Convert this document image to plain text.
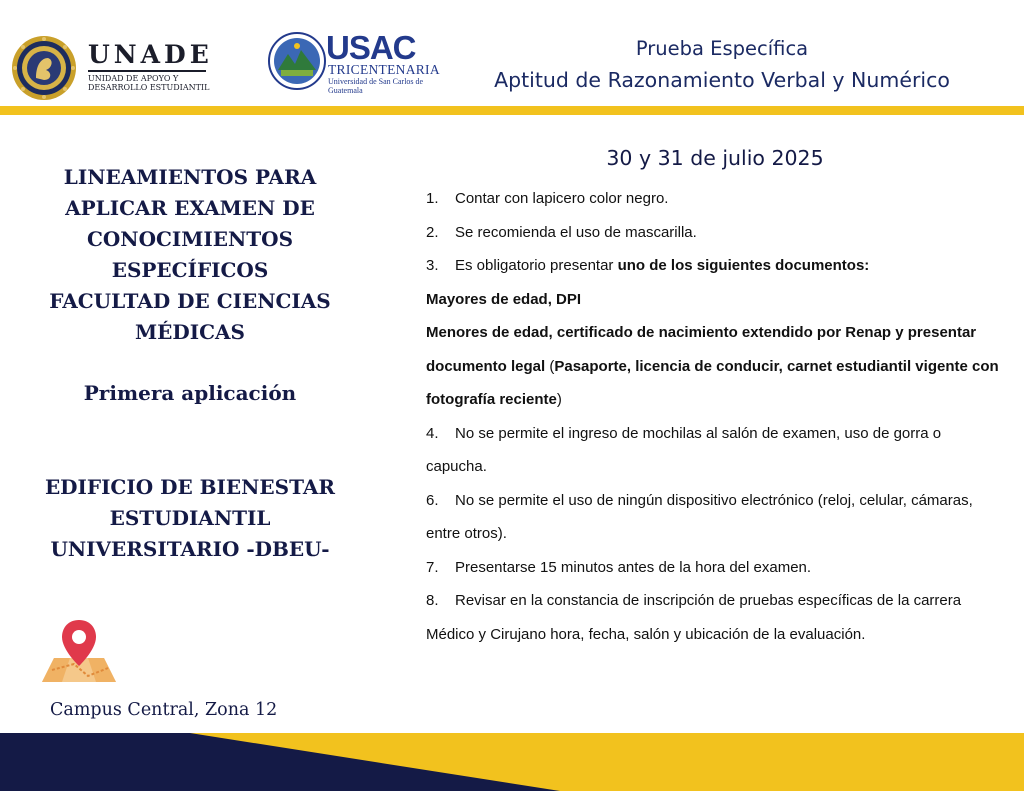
UNADE
UNIDAD DE APOYO Y
DESARROLLO ESTUDIANTIL
USAC
TRICENTENARIA
Universidad de San Carlos de Guatemala
Prueba Específica
Aptitud de Razonamiento Verbal y Numérico
LINEAMIENTOS PARA
APLICAR EXAMEN DE
CONOCIMIENTOS
ESPECÍFICOS
FACULTAD DE CIENCIAS
MÉDICAS
Primera aplicación
EDIFICIO DE BIENESTAR
ESTUDIANTIL
UNIVERSITARIO -DBEU-
Campus Central, Zona 12
30 y 31 de julio 2025
1. Contar con lapicero color negro.
2. Se recomienda el uso de mascarilla.
3. Es obligatorio presentar uno de los siguientes documentos:
Mayores de edad, DPI
Menores de edad, certificado de nacimiento extendido por Renap y presentar documento legal (Pasaporte, licencia de conducir, carnet estudiantil vigente con fotografía reciente)
4. No se permite el ingreso de mochilas al salón de examen, uso de gorra o capucha.
6. No se permite el uso de ningún dispositivo electrónico (reloj, celular, cámaras, entre otros).
7. Presentarse 15 minutos antes de la hora del examen.
8. Revisar en la constancia de inscripción de pruebas específicas de la carrera Médico y Cirujano hora, fecha, salón y ubicación de la evaluación.
